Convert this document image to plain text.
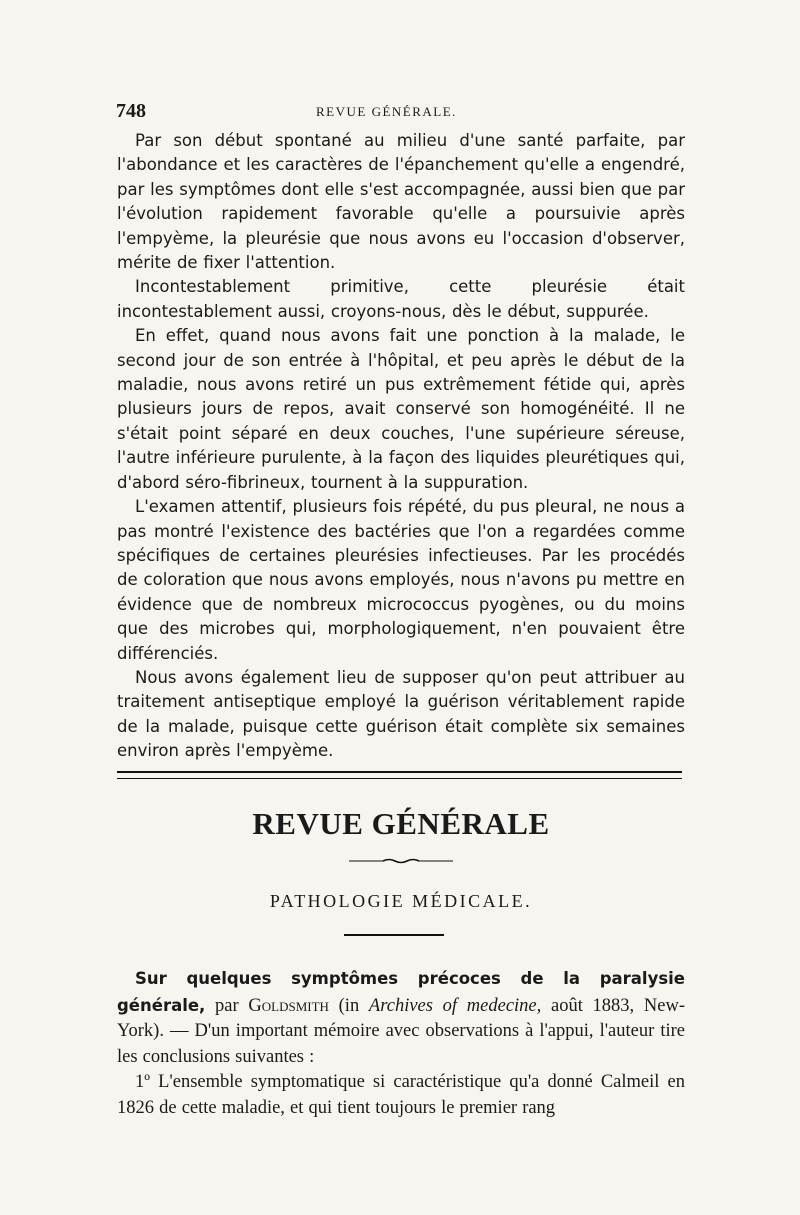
748	REVUE GÉNÉRALE.

Par son début spontané au milieu d'une santé parfaite, par l'abondance et les caractères de l'épanchement qu'elle a engendré, par les symptômes dont elle s'est accompagnée, aussi bien que par l'évolution rapidement favorable qu'elle a poursuivie après l'empyème, la pleurésie que nous avons eu l'occasion d'observer, mérite de fixer l'attention.

Incontestablement primitive, cette pleurésie était incontestablement aussi, croyons-nous, dès le début, suppurée.

En effet, quand nous avons fait une ponction à la malade, le second jour de son entrée à l'hôpital, et peu après le début de la maladie, nous avons retiré un pus extrêmement fétide qui, après plusieurs jours de repos, avait conservé son homogénéité. Il ne s'était point séparé en deux couches, l'une supérieure séreuse, l'autre inférieure purulente, à la façon des liquides pleurétiques qui, d'abord séro-fibrineux, tournent à la suppuration.

L'examen attentif, plusieurs fois répété, du pus pleural, ne nous a pas montré l'existence des bactéries que l'on a regardées comme spécifiques de certaines pleurésies infectieuses. Par les procédés de coloration que nous avons employés, nous n'avons pu mettre en évidence que de nombreux micrococcus pyogènes, ou du moins que des microbes qui, morphologiquement, n'en pouvaient être différenciés.

Nous avons également lieu de supposer qu'on peut attribuer au traitement antiseptique employé la guérison véritablement rapide de la malade, puisque cette guérison était complète six semaines environ après l'empyème.

REVUE GÉNÉRALE
PATHOLOGIE MÉDICALE.

Sur quelques symptômes précoces de la paralysie générale, par Goldsmith (in Archives of medecine, août 1883, New-York). — D'un important mémoire avec observations à l'appui, l'auteur tire les conclusions suivantes :

1º L'ensemble symptomatique si caractéristique qu'a donné Calmeil en 1826 de cette maladie, et qui tient toujours le premier rang
